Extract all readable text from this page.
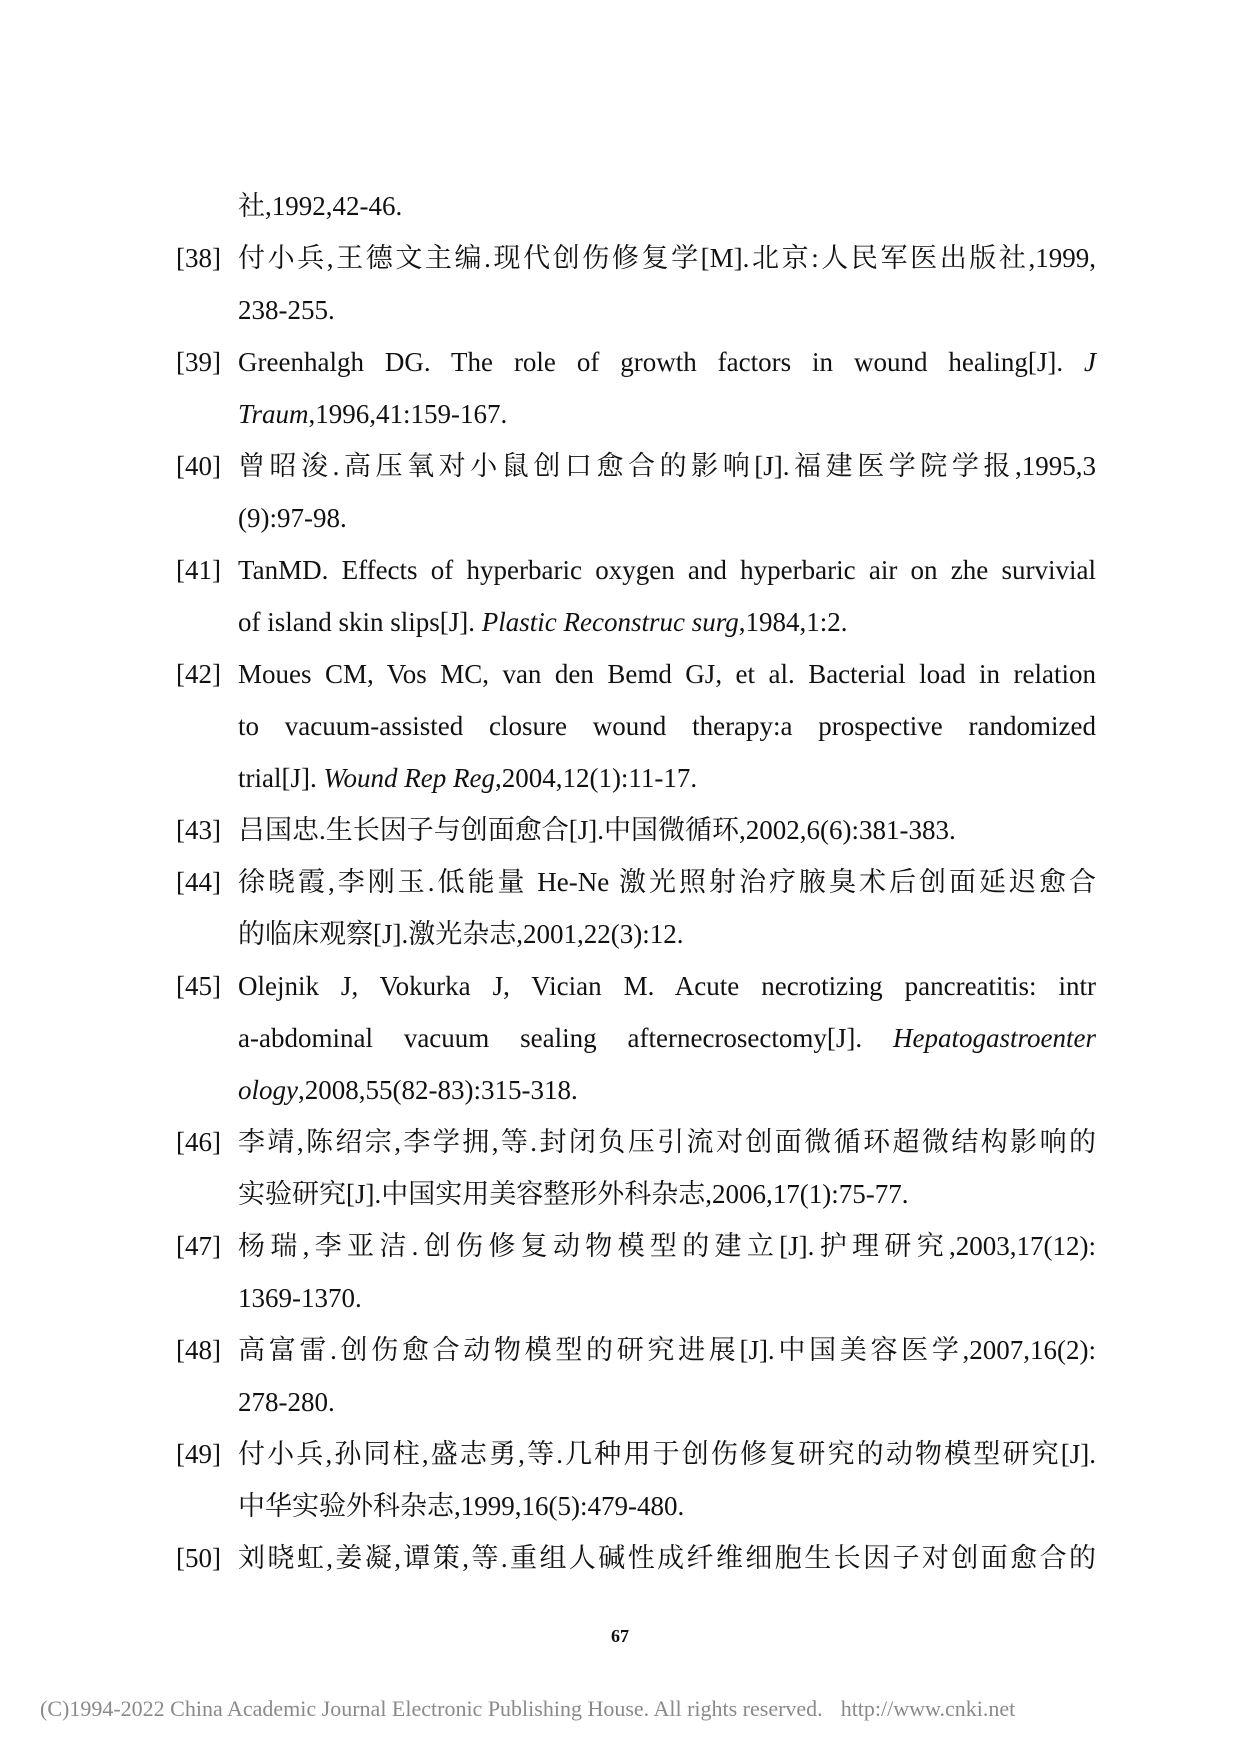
社,1992,42-46.
[38] 付小兵,王德文主编.现代创伤修复学[M].北京:人民军医出版社,1999,
238-255.
[39] Greenhalgh DG. The role of growth factors in wound healing[J]. J
Traum,1996,41:159-167.
[40] 曾昭浚.高压氧对小鼠创口愈合的影响[J].福建医学院学报,1995,3
(9):97-98.
[41] TanMD. Effects of hyperbaric oxygen and hyperbaric air on zhe survivial
of island skin slips[J]. Plastic Reconstruc surg,1984,1:2.
[42] Moues CM, Vos MC, van den Bemd GJ, et al. Bacterial load in relation
to vacuum-assisted closure wound therapy:a prospective randomized
trial[J]. Wound Rep Reg,2004,12(1):11-17.
[43] 吕国忠.生长因子与创面愈合[J].中国微循环,2002,6(6):381-383.
[44] 徐晓霞,李刚玉.低能量 He-Ne 激光照射治疗腋臭术后创面延迟愈合
的临床观察[J].激光杂志,2001,22(3):12.
[45] Olejnik J, Vokurka J, Vician M. Acute necrotizing pancreatitis: intr
a-abdominal vacuum sealing afternecrosectomy[J]. Hepatogastroenter
ology,2008,55(82-83):315-318.
[46] 李靖,陈绍宗,李学拥,等.封闭负压引流对创面微循环超微结构影响的
实验研究[J].中国实用美容整形外科杂志,2006,17(1):75-77.
[47] 杨瑞,李亚洁.创伤修复动物模型的建立[J].护理研究,2003,17(12):
1369-1370.
[48] 高富雷.创伤愈合动物模型的研究进展[J].中国美容医学,2007,16(2):
278-280.
[49] 付小兵,孙同柱,盛志勇,等.几种用于创伤修复研究的动物模型研究[J].
中华实验外科杂志,1999,16(5):479-480.
[50] 刘晓虹,姜凝,谭策,等.重组人碱性成纤维细胞生长因子对创面愈合的
67
(C)1994-2022 China Academic Journal Electronic Publishing House. All rights reserved. http://www.cnki.net
